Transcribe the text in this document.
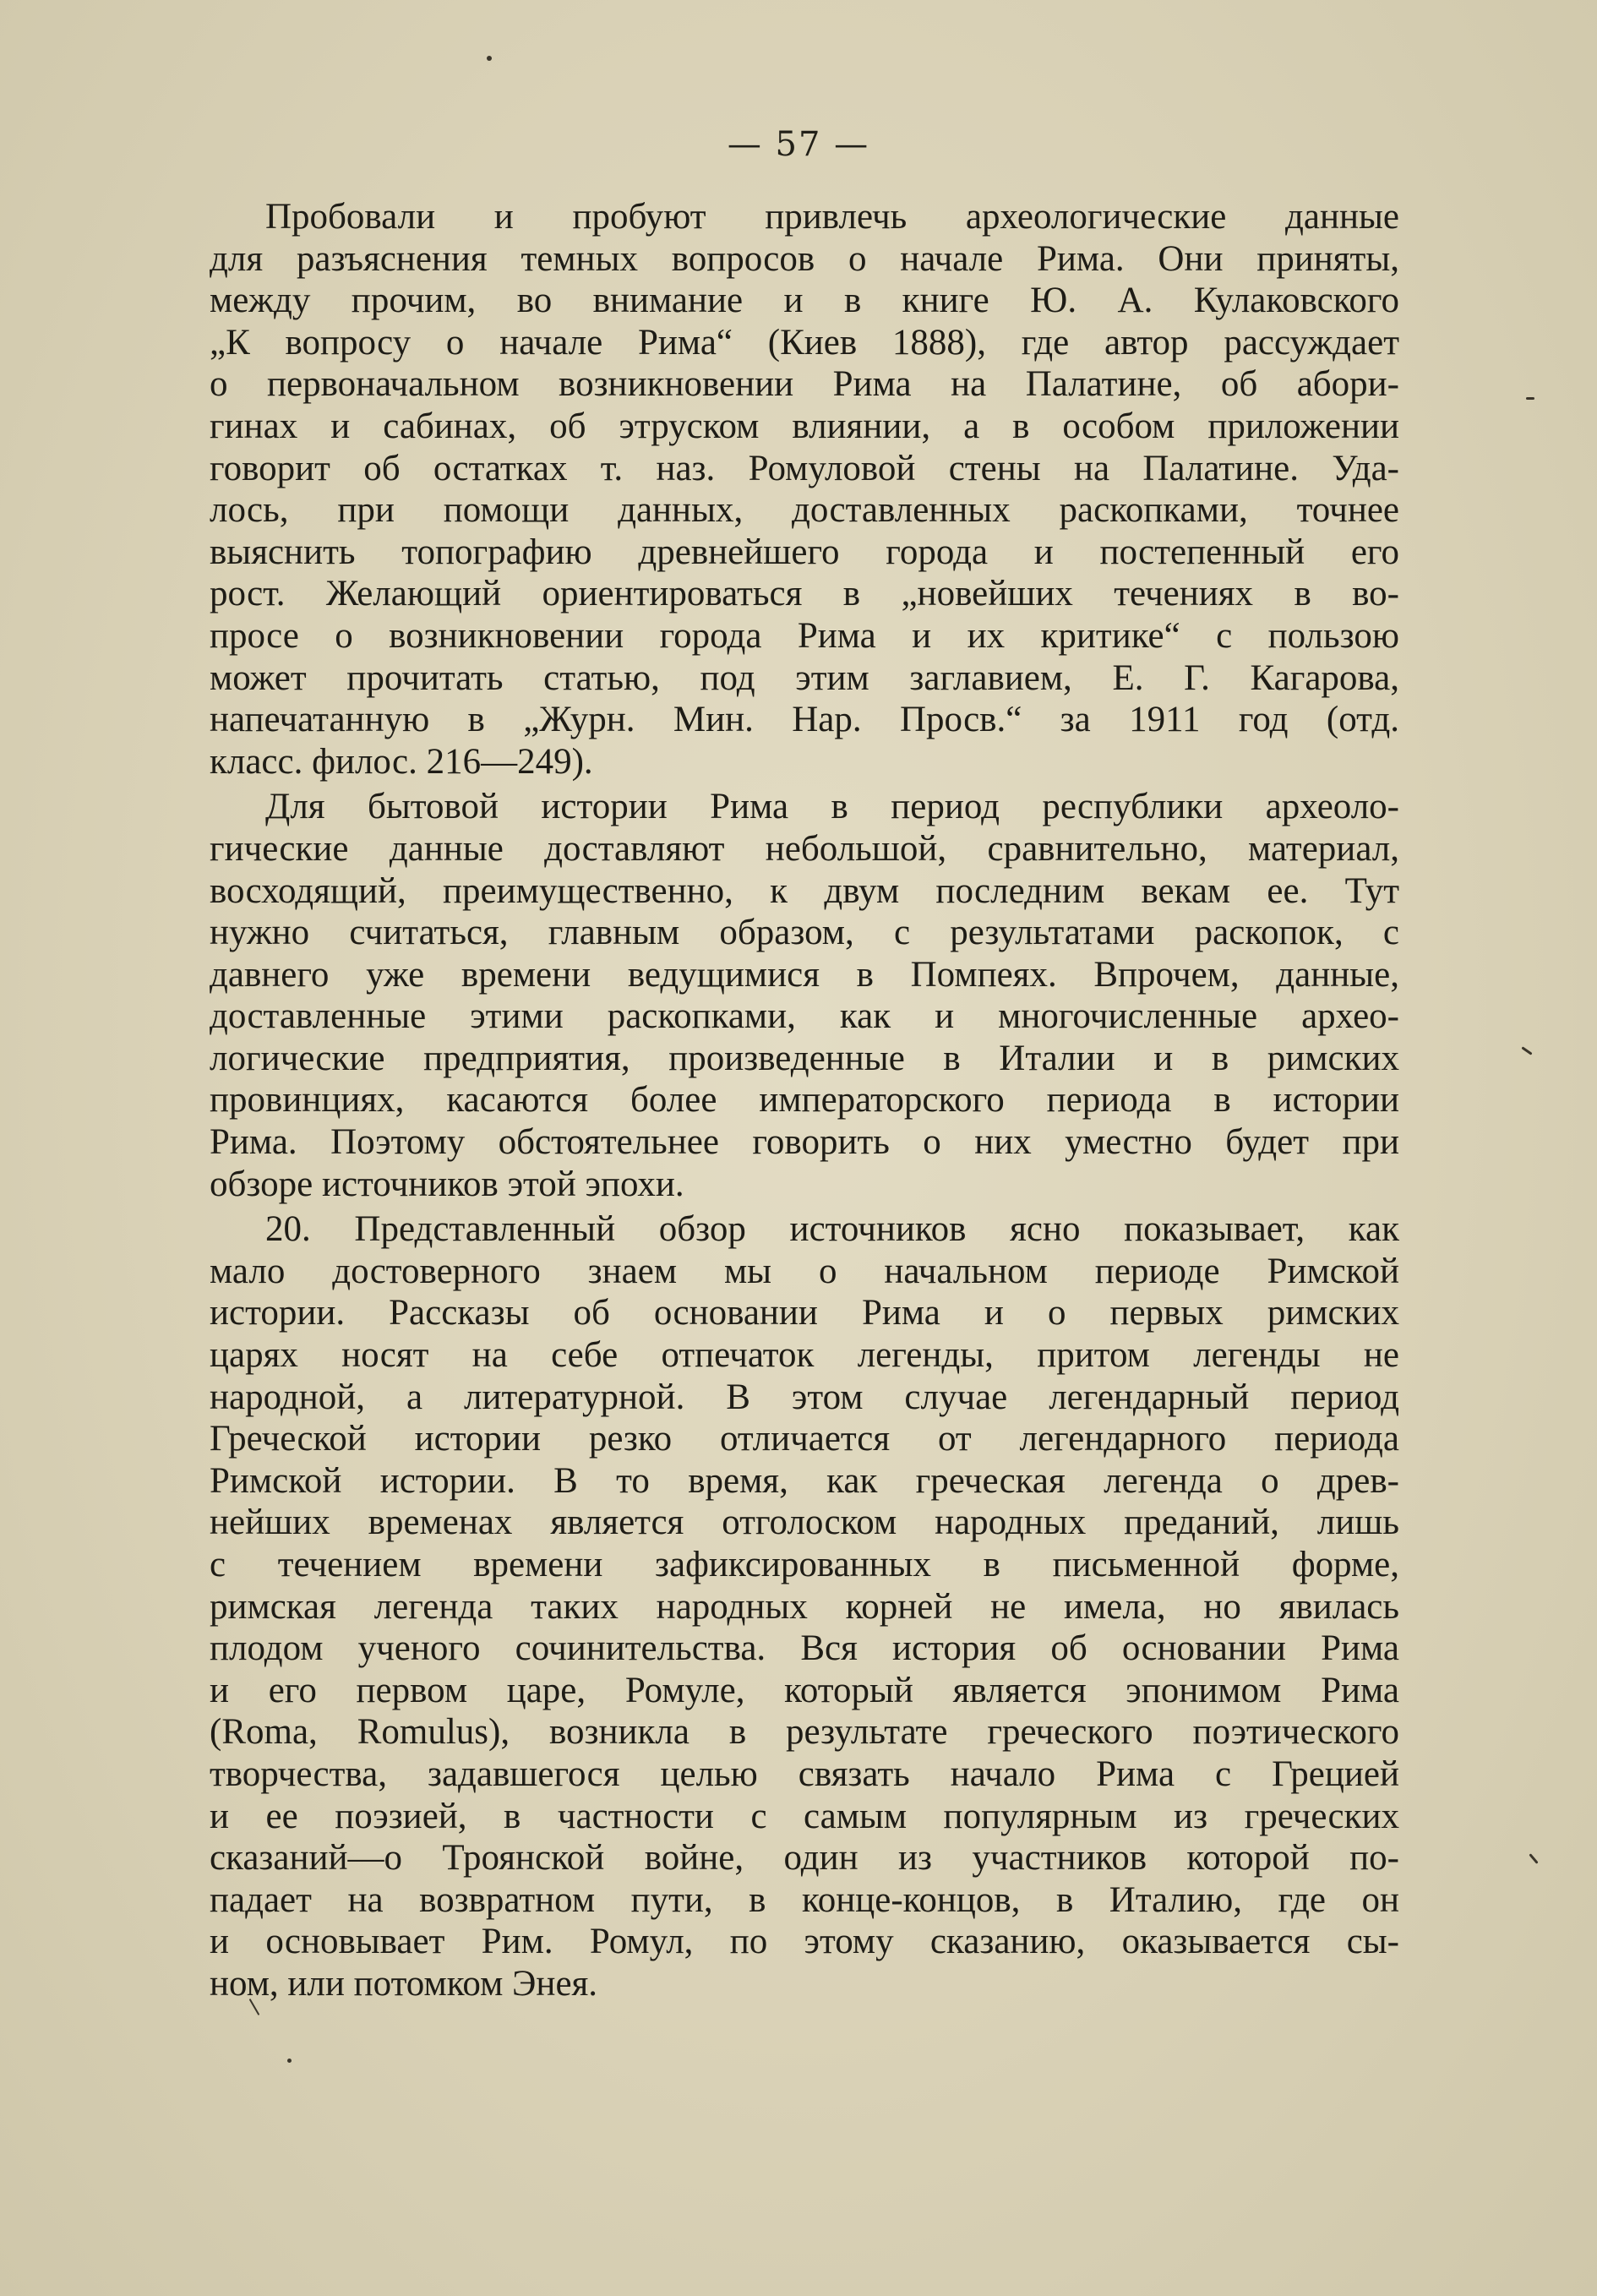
— 57 —
Пробовали и пробуют привлечь археологические данные
для разъяснения темных вопросов о начале Рима. Они приняты,
между прочим, во внимание и в книге Ю. А. Кулаковского
„К вопросу о начале Рима“ (Киев 1888), где автор рассуждает
о первоначальном возникновении Рима на Палатине, об абори-
гинах и сабинах, об этруском влиянии, а в особом приложении
говорит об остатках т. наз. Ромуловой стены на Палатине. Уда-
лось, при помощи данных, доставленных раскопками, точнее
выяснить топографию древнейшего города и постепенный его
рост. Желающий ориентироваться в „новейших течениях в во-
просе о возникновении города Рима и их критике“ с пользою
может прочитать статью, под этим заглавием, Е. Г. Кагарова,
напечатанную в „Журн. Мин. Нар. Просв.“ за 1911 год (отд.
класс. филос. 216—249).
Для бытовой истории Рима в период республики археоло-
гические данные доставляют небольшой, сравнительно, материал,
восходящий, преимущественно, к двум последним векам ее. Тут
нужно считаться, главным образом, с результатами раскопок, с
давнего уже времени ведущимися в Помпеях. Впрочем, данные,
доставленные этими раскопками, как и многочисленные архео-
логические предприятия, произведенные в Италии и в римских
провинциях, касаются более императорского периода в истории
Рима. Поэтому обстоятельнее говорить о них уместно будет при
обзоре источников этой эпохи.
20. Представленный обзор источников ясно показывает, как
мало достоверного знаем мы о начальном периоде Римской
истории. Рассказы об основании Рима и о первых римских
царях носят на себе отпечаток легенды, притом легенды не
народной, а литературной. В этом случае легендарный период
Греческой истории резко отличается от легендарного периода
Римской истории. В то время, как греческая легенда о древ-
нейших временах является отголоском народных преданий, лишь
с течением времени зафиксированных в письменной форме,
римская легенда таких народных корней не имела, но явилась
плодом ученого сочинительства. Вся история об основании Рима
и его первом царе, Ромуле, который является эпонимом Рима
(Roma, Romulus), возникла в результате греческого поэтического
творчества, задавшегося целью связать начало Рима с Грецией
и ее поэзией, в частности с самым популярным из греческих
сказаний—о Троянской войне, один из участников которой по-
падает на возвратном пути, в конце-концов, в Италию, где он
и основывает Рим. Ромул, по этому сказанию, оказывается сы-
ном, или потомком Энея.
